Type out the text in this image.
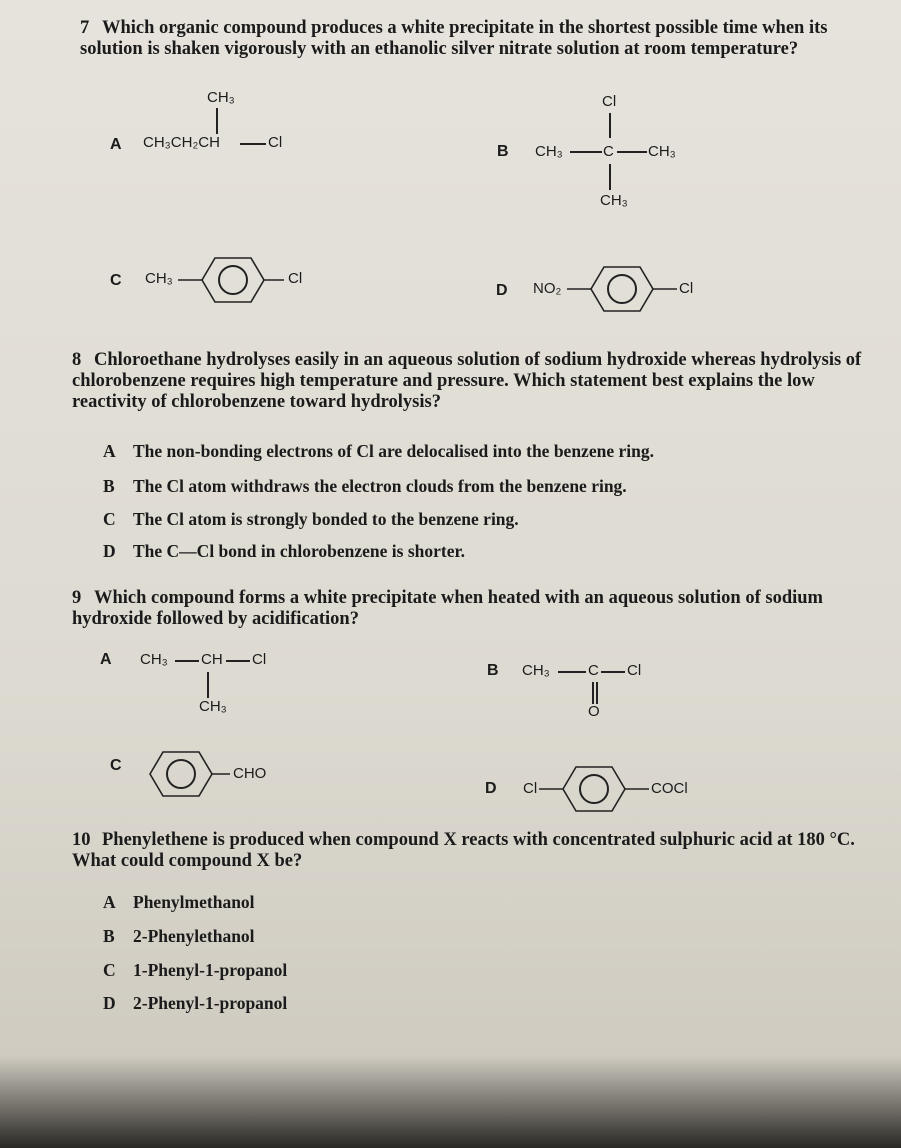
7 Which organic compound produces a white precipitate in the shortest possible time when its solution is shaken vigorously with an ethanolic silver nitrate solution at room temperature?
A
CH₃
CH₃CH₂CH	Cl
B
Cl
CH₃	C CH₃
CH₃
C CH₃	Cl
D NO₂	Cl
8 Chloroethane hydrolyses easily in an aqueous solution of sodium hydroxide whereas hydrolysis of chlorobenzene requires high temperature and pressure. Which statement best explains the low reactivity of chlorobenzene toward hydrolysis?
A The non-bonding electrons of Cl are delocalised into the benzene ring.
B The Cl atom withdraws the electron clouds from the benzene ring.
C The Cl atom is strongly bonded to the benzene ring.
D The C—Cl bond in chlorobenzene is shorter.
9 Which compound forms a white precipitate when heated with an aqueous solution of sodium hydroxide followed by acidification?
A CH₃ CH Cl
CH₃
B CH₃	C Cl
O
C	CHO
D Cl	COCl
10 Phenylethene is produced when compound X reacts with concentrated sulphuric acid at 180 °C. What could compound X be?
A Phenylmethanol
B 2-Phenylethanol
C 1-Phenyl-1-propanol
D 2-Phenyl-1-propanol
